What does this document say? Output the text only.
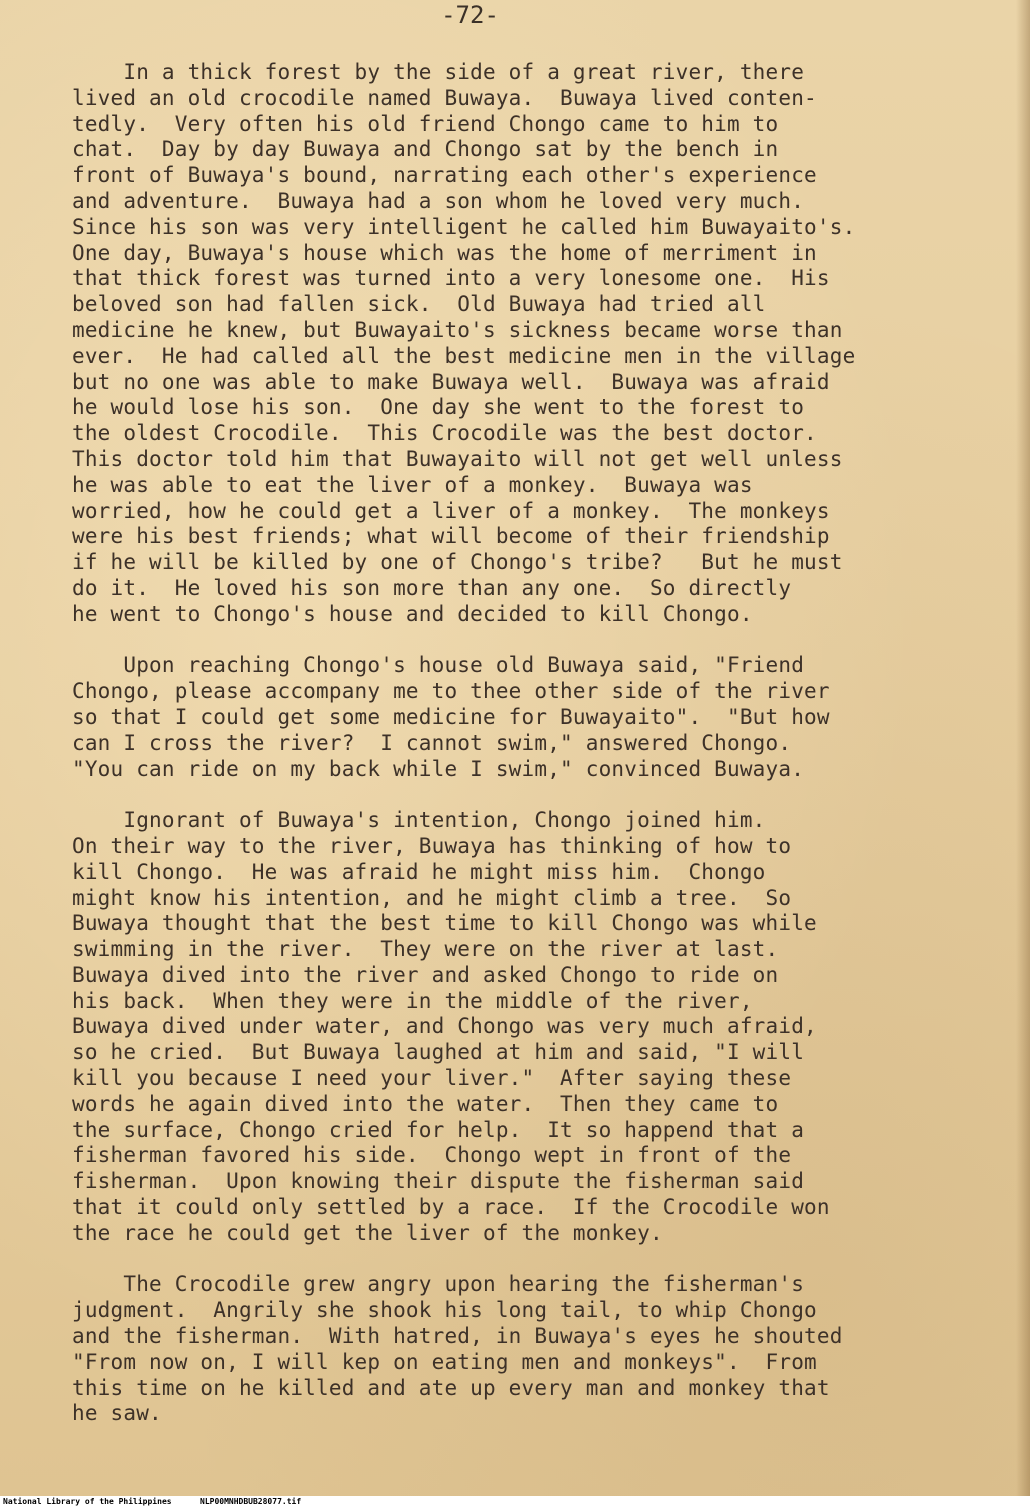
-72-
In a thick forest by the side of a great river, there
lived an old crocodile named Buwaya.  Buwaya lived conten-
tedly.  Very often his old friend Chongo came to him to
chat.  Day by day Buwaya and Chongo sat by the bench in
front of Buwaya's bound, narrating each other's experience
and adventure.  Buwaya had a son whom he loved very much.
Since his son was very intelligent he called him Buwayaito's.
One day, Buwaya's house which was the home of merriment in
that thick forest was turned into a very lonesome one.  His
beloved son had fallen sick.  Old Buwaya had tried all
medicine he knew, but Buwayaito's sickness became worse than
ever.  He had called all the best medicine men in the village
but no one was able to make Buwaya well.  Buwaya was afraid
he would lose his son.  One day she went to the forest to
the oldest Crocodile.  This Crocodile was the best doctor.
This doctor told him that Buwayaito will not get well unless
he was able to eat the liver of a monkey.  Buwaya was
worried, how he could get a liver of a monkey.  The monkeys
were his best friends; what will become of their friendship
if he will be killed by one of Chongo's tribe?   But he must
do it.  He loved his son more than any one.  So directly
he went to Chongo's house and decided to kill Chongo.
Upon reaching Chongo's house old Buwaya said, "Friend
Chongo, please accompany me to thee other side of the river
so that I could get some medicine for Buwayaito".  "But how
can I cross the river?  I cannot swim," answered Chongo.
"You can ride on my back while I swim," convinced Buwaya.
Ignorant of Buwaya's intention, Chongo joined him.
On their way to the river, Buwaya has thinking of how to
kill Chongo.  He was afraid he might miss him.  Chongo
might know his intention, and he might climb a tree.  So
Buwaya thought that the best time to kill Chongo was while
swimming in the river.  They were on the river at last.
Buwaya dived into the river and asked Chongo to ride on
his back.  When they were in the middle of the river,
Buwaya dived under water, and Chongo was very much afraid,
so he cried.  But Buwaya laughed at him and said, "I will
kill you because I need your liver."  After saying these
words he again dived into the water.  Then they came to
the surface, Chongo cried for help.  It so happend that a
fisherman favored his side.  Chongo wept in front of the
fisherman.  Upon knowing their dispute the fisherman said
that it could only settled by a race.  If the Crocodile won
the race he could get the liver of the monkey.
The Crocodile grew angry upon hearing the fisherman's
judgment.  Angrily she shook his long tail, to whip Chongo
and the fisherman.  With hatred, in Buwaya's eyes he shouted
"From now on, I will kep on eating men and monkeys".  From
this time on he killed and ate up every man and monkey that
he saw.
National Library of the Philippines	NLP00MNHDBUB28077.tif
